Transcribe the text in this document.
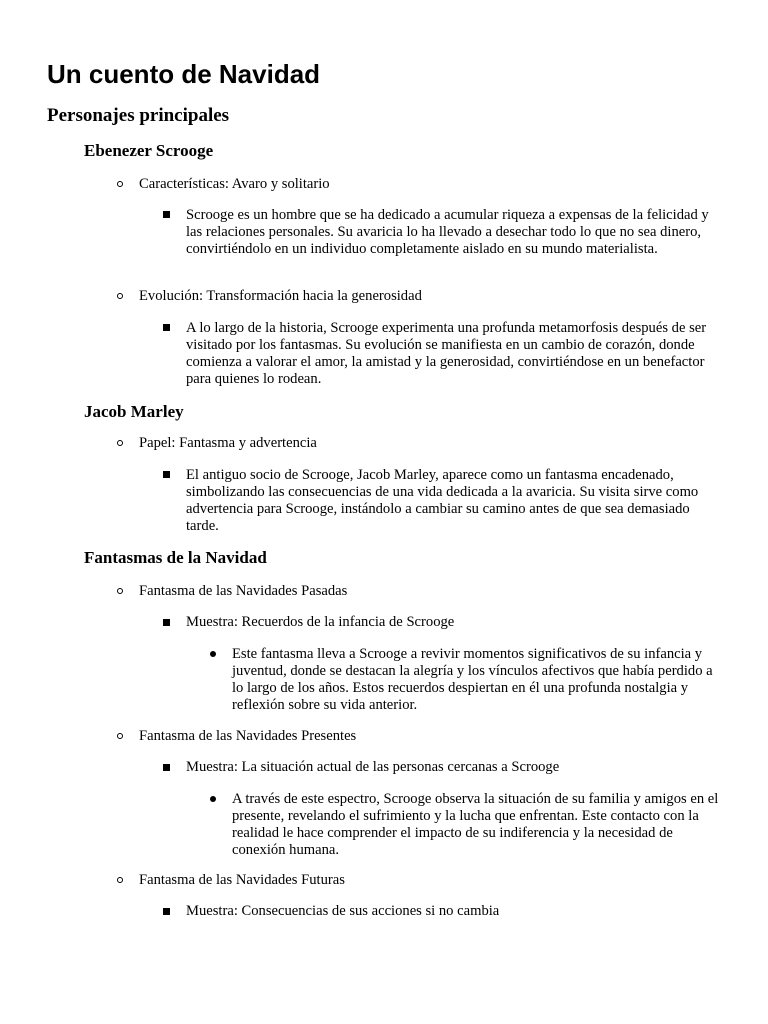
Un cuento de Navidad
Personajes principales
Ebenezer Scrooge
Características: Avaro y solitario
Scrooge es un hombre que se ha dedicado a acumular riqueza a expensas de la felicidad y las relaciones personales. Su avaricia lo ha llevado a desechar todo lo que no sea dinero, convirtiéndolo en un individuo completamente aislado en su mundo materialista.
Evolución: Transformación hacia la generosidad
A lo largo de la historia, Scrooge experimenta una profunda metamorfosis después de ser visitado por los fantasmas. Su evolución se manifiesta en un cambio de corazón, donde comienza a valorar el amor, la amistad y la generosidad, convirtiéndose en un benefactor para quienes lo rodean.
Jacob Marley
Papel: Fantasma y advertencia
El antiguo socio de Scrooge, Jacob Marley, aparece como un fantasma encadenado, simbolizando las consecuencias de una vida dedicada a la avaricia. Su visita sirve como advertencia para Scrooge, instándolo a cambiar su camino antes de que sea demasiado tarde.
Fantasmas de la Navidad
Fantasma de las Navidades Pasadas
Muestra: Recuerdos de la infancia de Scrooge
Este fantasma lleva a Scrooge a revivir momentos significativos de su infancia y juventud, donde se destacan la alegría y los vínculos afectivos que había perdido a lo largo de los años. Estos recuerdos despiertan en él una profunda nostalgia y reflexión sobre su vida anterior.
Fantasma de las Navidades Presentes
Muestra: La situación actual de las personas cercanas a Scrooge
A través de este espectro, Scrooge observa la situación de su familia y amigos en el presente, revelando el sufrimiento y la lucha que enfrentan. Este contacto con la realidad le hace comprender el impacto de su indiferencia y la necesidad de conexión humana.
Fantasma de las Navidades Futuras
Muestra: Consecuencias de sus acciones si no cambia
